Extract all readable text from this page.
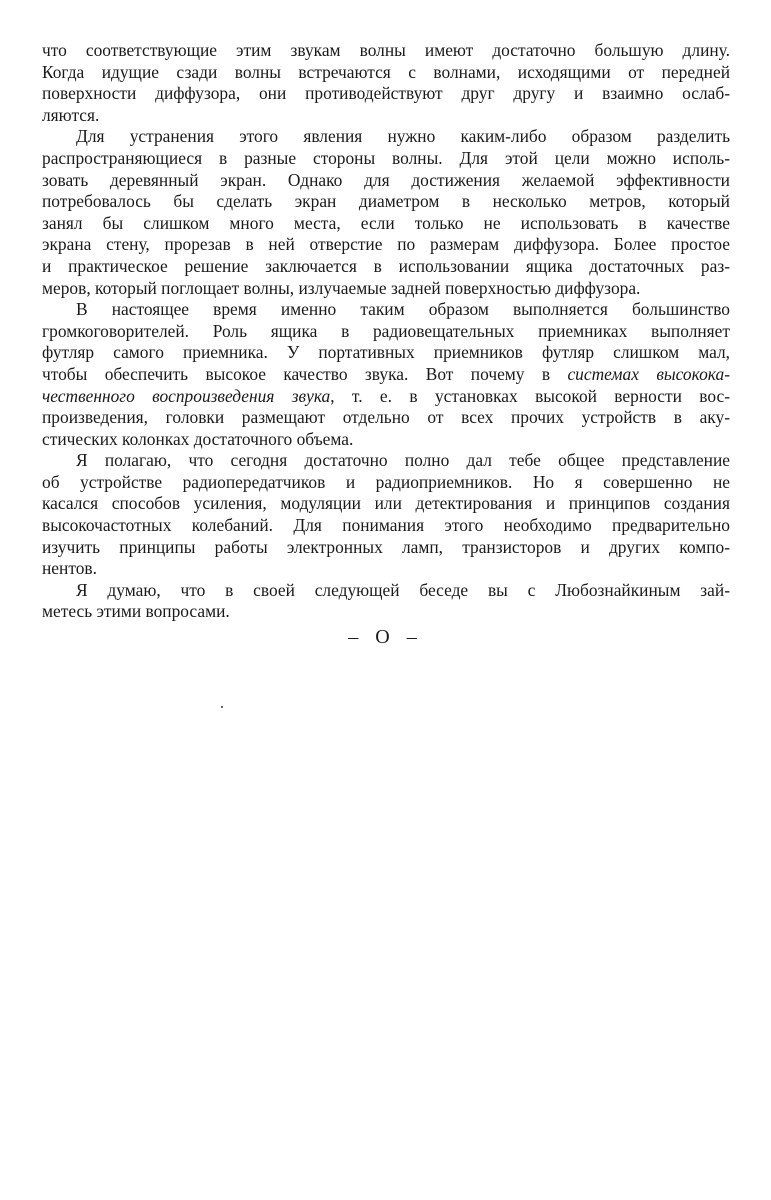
что соответствующие этим звукам волны имеют достаточно большую длину.
Когда идущие сзади волны встречаются с волнами, исходящими от передней
поверхности диффузора, они противодействуют друг другу и взаимно ослаб-
ляются.

Для устранения этого явления нужно каким-либо образом разделить
распространяющиеся в разные стороны волны. Для этой цели можно исполь-
зовать деревянный экран. Однако для достижения желаемой эффективности
потребовалось бы сделать экран диаметром в несколько метров, который
занял бы слишком много места, если только не использовать в качестве
экрана стену, прорезав в ней отверстие по размерам диффузора. Более простое
и практическое решение заключается в использовании ящика достаточных раз-
меров, который поглощает волны, излучаемые задней поверхностью диффузора.

В настоящее время именно таким образом выполняется большинство
громкоговорителей. Роль ящика в радиовещательных приемниках выполняет
футляр самого приемника. У портативных приемников футляр слишком мал,
чтобы обеспечить высокое качество звука. Вот почему в системах высокока-
чественного воспроизведения звука, т. е. в установках высокой верности вос-
произведения, головки размещают отдельно от всех прочих устройств в аку-
стических колонках достаточного объема.

Я полагаю, что сегодня достаточно полно дал тебе общее представление
об устройстве радиопередатчиков и радиоприемников. Но я совершенно не
касался способов усиления, модуляции или детектирования и принципов создания
высокочастотных колебаний. Для понимания этого необходимо предварительно
изучить принципы работы электронных ламп, транзисторов и других компо-
нентов.

Я думаю, что в своей следующей беседе вы с Любознайкиным зай-
метесь этими вопросами.

– О –
